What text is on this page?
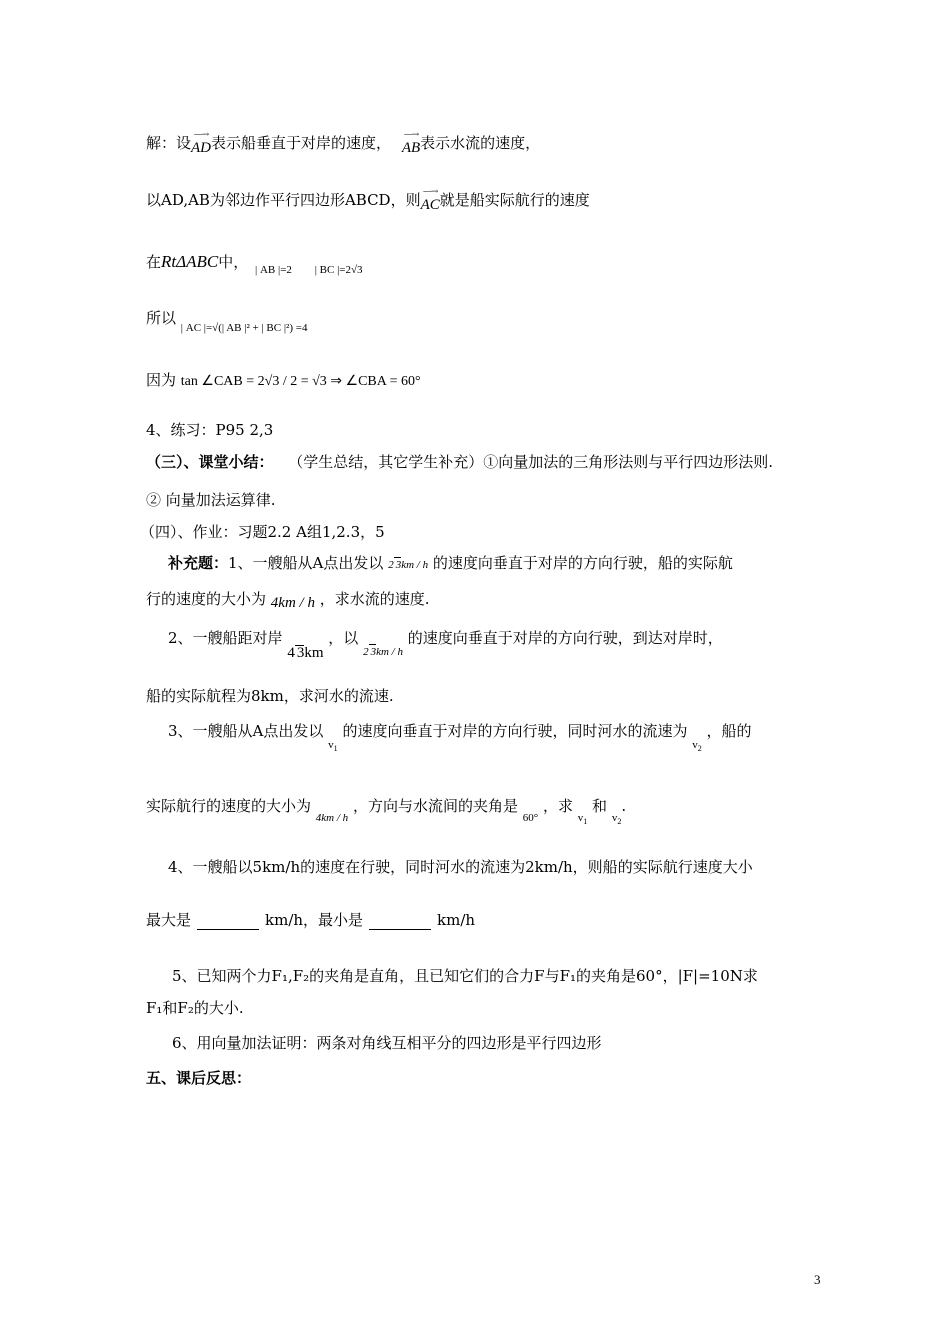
解：设 —→
AD 表示船垂直于对岸的速度， —→
AB 表示水流的速度，
以AD,AB为邻边作平行四边形ABCD，则 —→
AC 就是船实际航行的速度
在RtΔABC中， $_{| AB |=2}$ $_{| BC |=2√3}$
所以 $_{| AC |=√(| AB |^2 + | BC |^2) =4}$
因为 tan ∠CAB = 2√3 / 2 = √3 ⇒ ∠CBA = 60°
4、练习：P95 2,3
（三）、课堂小结： （学生总结，其它学生补充）①向量加法的三角形法则与平行四边形法则.
② 向量加法运算律.
（四）、作业：习题2.2 A组1,2.3，5
补充题：1、一艘船从A点出发以 2 3km / h 的速度向垂直于对岸的方向行驶，船的实际航
行的速度的大小为 4km / h ，求水流的速度.
2、一艘船距对岸 4 3km ，以 $_{2 3km / h}$ 的速度向垂直于对岸的方向行驶，到达对岸时，
船的实际航程为8km，求河水的流速.
3、一艘船从A点出发以 $_{v_1}$ 的速度向垂直于对岸的方向行驶，同时河水的流速为 $_{v_2}$ ，船的
实际航行的速度的大小为 $_{4km / h}$ ，方向与水流间的夹角是 $_{60^\circ}$ ，求 $_{v_1}$ 和 $_{v_2}$.
4、一艘船以5km/h的速度在行驶，同时河水的流速为2km/h，则船的实际航行速度大小
最大是	km/h，最小是	km/h
5、已知两个力F₁,F₂的夹角是直角，且已知它们的合力F与F₁的夹角是60°，|F|=10N求
F₁和F₂的大小.
6、用向量加法证明：两条对角线互相平分的四边形是平行四边形
五、课后反思：
3
